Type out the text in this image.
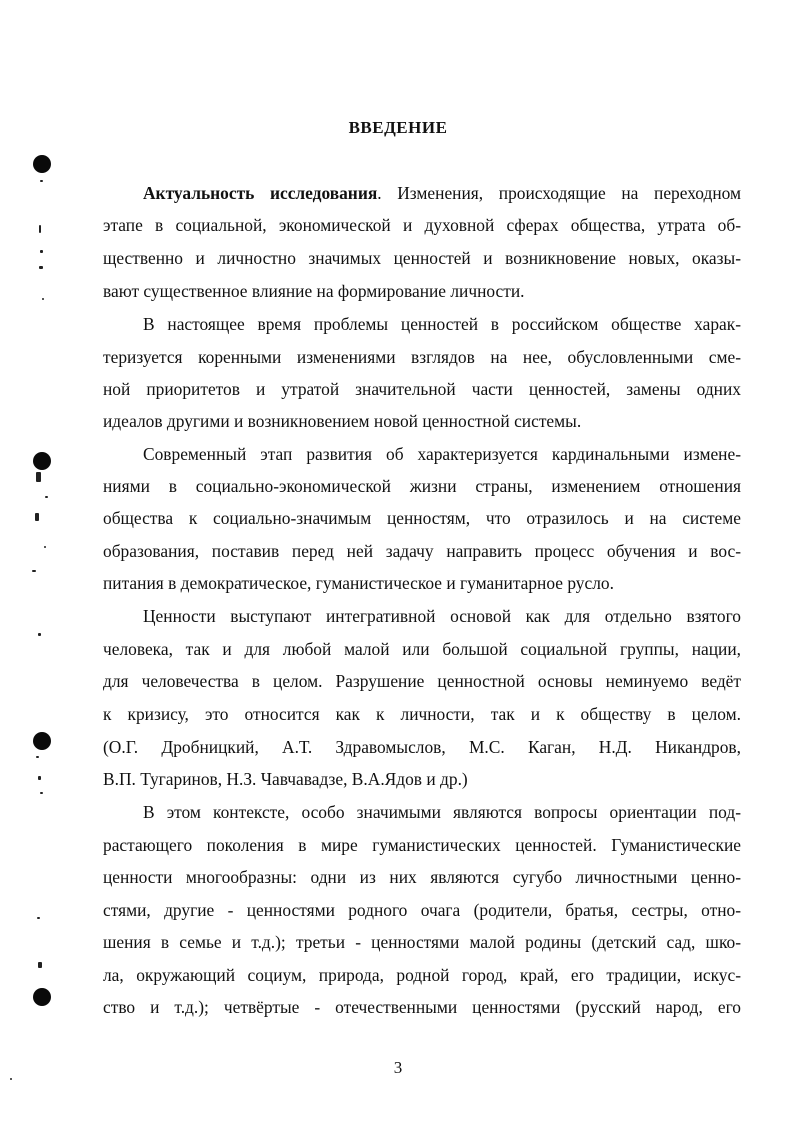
ВВЕДЕНИЕ
Актуальность исследования. Изменения, происходящие на переходном
этапе в социальной, экономической и духовной сферах общества, утрата об-
щественно и личностно значимых ценностей и возникновение новых, оказы-
вают существенное влияние на формирование личности.
В настоящее время проблемы ценностей в российском обществе харак-
теризуется коренными изменениями взглядов на нее, обусловленными сме-
ной приоритетов и утратой значительной части ценностей, замены одних
идеалов другими и возникновением новой ценностной системы.
Современный этап развития об характеризуется кардинальными измене-
ниями в социально-экономической жизни страны, изменением отношения
общества к социально-значимым ценностям, что отразилось и на системе
образования, поставив перед ней задачу направить процесс обучения и вос-
питания в демократическое, гуманистическое и гуманитарное русло.
Ценности выступают интегративной основой как для отдельно взятого
человека, так и для любой малой или большой социальной группы, нации,
для человечества в целом. Разрушение ценностной основы неминуемо ведёт
к кризису, это относится как к личности, так и к обществу в целом.
(О.Г. Дробницкий, А.Т. Здравомыслов, М.С. Каган, Н.Д. Никандров,
В.П. Тугаринов, Н.З. Чавчавадзе, В.А.Ядов и др.)
В этом контексте, особо значимыми являются вопросы ориентации под-
растающего поколения в мире гуманистических ценностей. Гуманистические
ценности многообразны: одни из них являются сугубо личностными ценно-
стями, другие - ценностями родного очага (родители, братья, сестры, отно-
шения в семье и т.д.); третьи - ценностями малой родины (детский сад, шко-
ла, окружающий социум, природа, родной город, край, его традиции, искус-
ство и т.д.); четвёртые - отечественными ценностями (русский народ, его
3
